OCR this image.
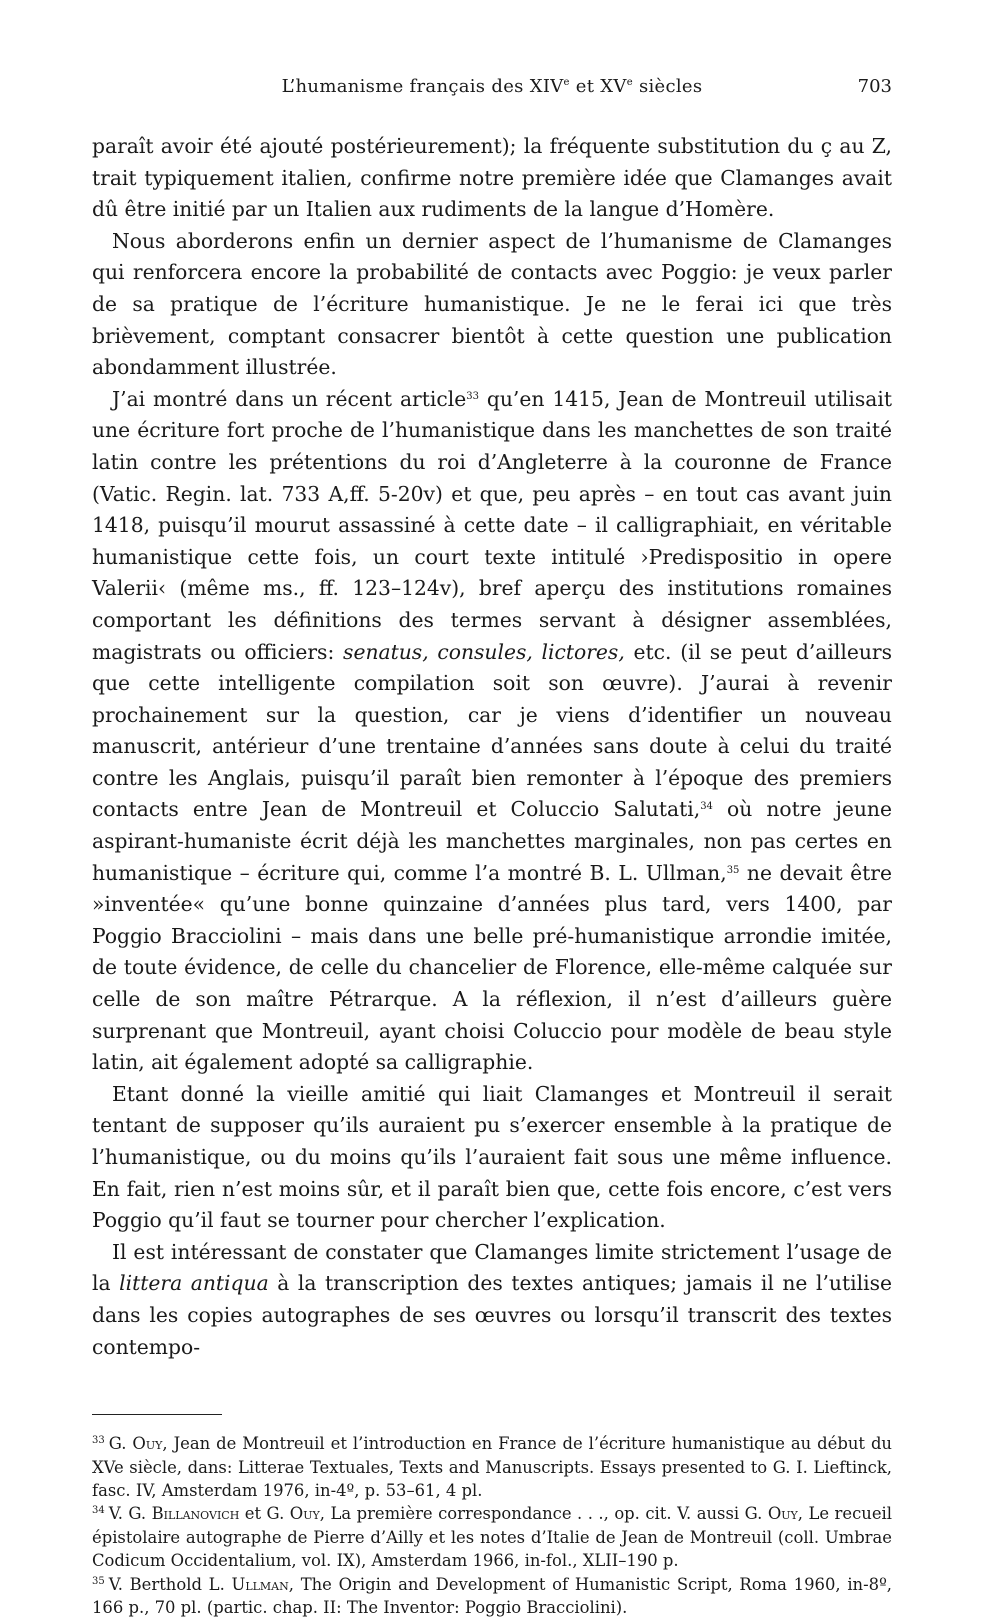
L’humanisme français des XIVe et XVe siècles	703

paraît avoir été ajouté postérieurement); la fréquente substitution du ç au Z, trait typiquement italien, confirme notre première idée que Clamanges avait dû être initié par un Italien aux rudiments de la langue d’Homère.

Nous aborderons enfin un dernier aspect de l’humanisme de Clamanges qui renforcera encore la probabilité de contacts avec Poggio: je veux parler de sa pratique de l’écriture humanistique. Je ne le ferai ici que très brièvement, comptant consacrer bientôt à cette question une publication abondamment illustrée.

J’ai montré dans un récent article$^{33}$ qu’en 1415, Jean de Montreuil utilisait une écriture fort proche de l’humanistique dans les manchettes de son traité latin contre les prétentions du roi d’Angleterre à la couronne de France (Vatic. Regin. lat. 733 A,ff. 5-20v) et que, peu après – en tout cas avant juin 1418, puisqu’il mourut assassiné à cette date – il calligraphiait, en véritable humanistique cette fois, un court texte intitulé ›Predispositio in opere Valerii‹ (même ms., ff. 123–124v), bref aperçu des institutions romaines comportant les définitions des termes servant à désigner assemblées, magistrats ou officiers: senatus, consules, lictores, etc. (il se peut d’ailleurs que cette intelligente compilation soit son œuvre). J’aurai à revenir prochainement sur la question, car je viens d’identifier un nouveau manuscrit, antérieur d’une trentaine d’années sans doute à celui du traité contre les Anglais, puisqu’il paraît bien remonter à l’époque des premiers contacts entre Jean de Montreuil et Coluccio Salutati,$^{34}$ où notre jeune aspirant-humaniste écrit déjà les manchettes marginales, non pas certes en humanistique – écriture qui, comme l’a montré B. L. Ullman,$^{35}$ ne devait être »inventée« qu’une bonne quinzaine d’années plus tard, vers 1400, par Poggio Bracciolini – mais dans une belle pré-humanistique arrondie imitée, de toute évidence, de celle du chancelier de Florence, elle-même calquée sur celle de son maître Pétrarque. A la réflexion, il n’est d’ailleurs guère surprenant que Montreuil, ayant choisi Coluccio pour modèle de beau style latin, ait également adopté sa calligraphie.

Etant donné la vieille amitié qui liait Clamanges et Montreuil il serait tentant de supposer qu’ils auraient pu s’exercer ensemble à la pratique de l’humanistique, ou du moins qu’ils l’auraient fait sous une même influence. En fait, rien n’est moins sûr, et il paraît bien que, cette fois encore, c’est vers Poggio qu’il faut se tourner pour chercher l’explication.

Il est intéressant de constater que Clamanges limite strictement l’usage de la littera antiqua à la transcription des textes antiques; jamais il ne l’utilise dans les copies autographes de ses œuvres ou lorsqu’il transcrit des textes contempo-

$^{33}$ G. Ouy, Jean de Montreuil et l’introduction en France de l’écriture humanistique au début du XVe siècle, dans: Litterae Textuales, Texts and Manuscripts. Essays presented to G. I. Lieftinck, fasc. IV, Amsterdam 1976, in-4º, p. 53–61, 4 pl.

$^{34}$ V. G. Billanovich et G. Ouy, La première correspondance . . ., op. cit. V. aussi G. Ouy, Le recueil épistolaire autographe de Pierre d’Ailly et les notes d’Italie de Jean de Montreuil (coll. Umbrae Codicum Occidentalium, vol. IX), Amsterdam 1966, in-fol., XLII–190 p.

$^{35}$ V. Berthold L. Ullman, The Origin and Development of Humanistic Script, Roma 1960, in-8º, 166 p., 70 pl. (partic. chap. II: The Inventor: Poggio Bracciolini).
